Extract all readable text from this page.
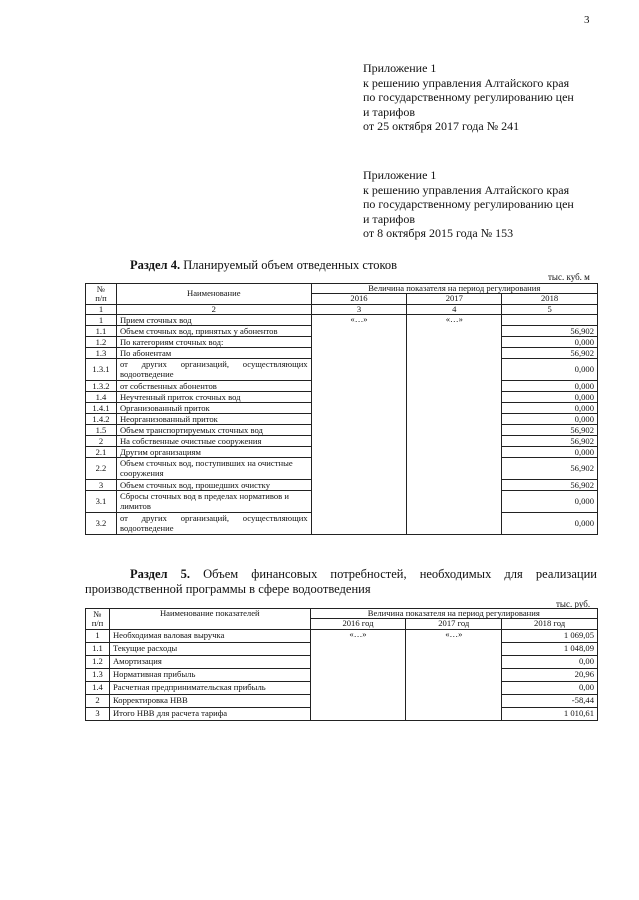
3
Приложение 1
к решению управления Алтайского края
по государственному регулированию цен
и тарифов
от 25 октября 2017 года № 241
Приложение 1
к решению управления Алтайского края
по государственному регулированию цен
и тарифов
от 8 октября 2015 года № 153
Раздел 4. Планируемый объем отведенных стоков
тыс. куб. м
№
п/п	Наименование	Величина показателя на период регулирования		
		2016	2017	2018
1	2	3	4	5
1	Прием сточных вод	«…»	«…»	
1.1	Объем сточных вод, принятых у абонентов			56,902
1.2	По категориям сточных вод:			0,000
1.3	По абонентам			56,902
1.3.1	от других организаций, осуществляющих водоотведение			0,000
1.3.2	от собственных абонентов			0,000
1.4	Неучтенный приток сточных вод			0,000
1.4.1	Организованный приток			0,000
1.4.2	Неорганизованный приток			0,000
1.5	Объем транспортируемых сточных вод			56,902
2	На собственные очистные сооружения			56,902
2.1	Другим организациям			0,000
2.2	Объем сточных вод, поступивших на очистные сооружения			56,902
3	Объем сточных вод, прошедших очистку			56,902
3.1	Сбросы сточных вод в пределах нормативов и лимитов			0,000
3.2	от других организаций, осуществляющих водоотведение			0,000
Раздел 5. Объем финансовых потребностей, необходимых для реализации производственной программы в сфере водоотведения
тыс. руб.
№
п/п	Наименование показателей	Величина показателя на период регулирования		
		2016 год	2017 год	2018 год
1	Необходимая валовая выручка	«…»	«…»	1 069,05
1.1	Текущие расходы			1 048,09
1.2	Амортизация			0,00
1.3	Нормативная прибыль			20,96
1.4	Расчетная предпринимательская прибыль			0,00
2	Корректировка НВВ			-58,44
3	Итого НВВ для расчета тарифа			1 010,61
